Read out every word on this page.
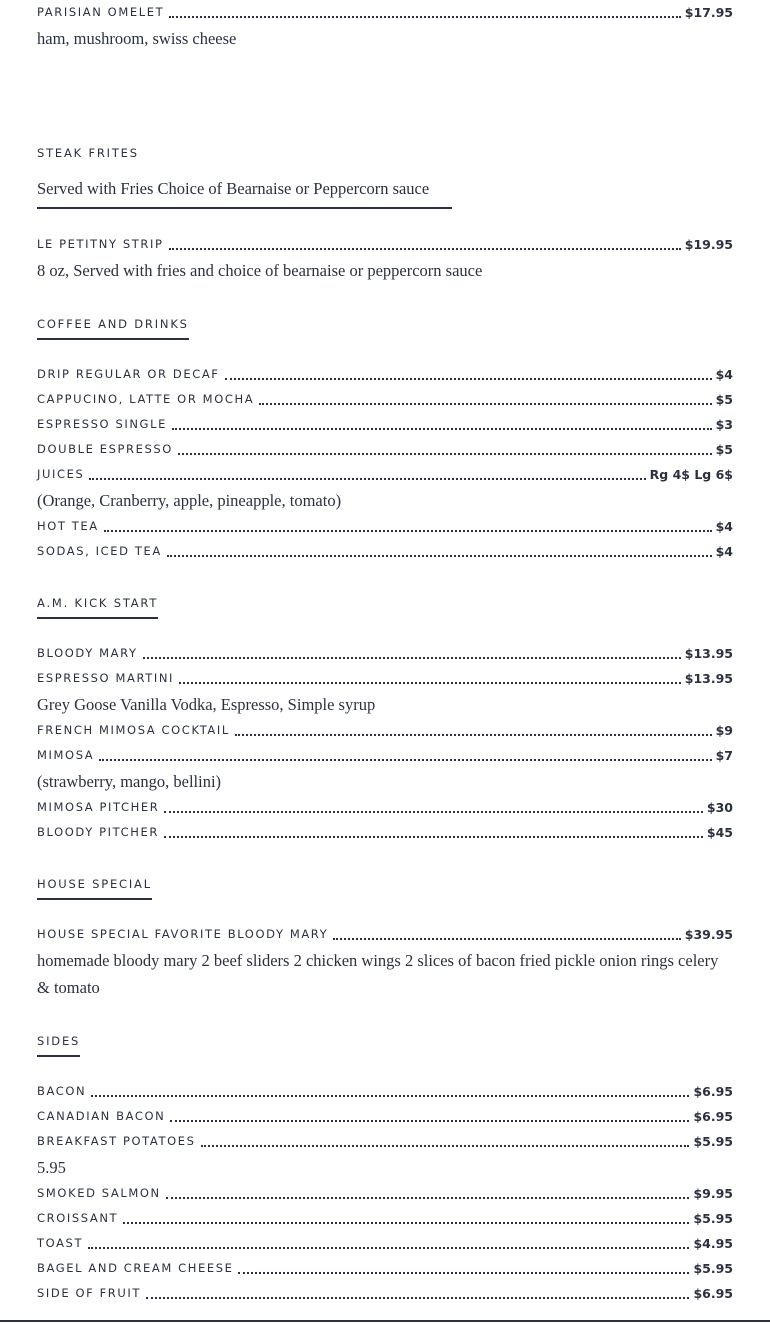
PARISIAN OMELET	$17.95
ham, mushroom, swiss cheese
STEAK FRITES
Served with Fries Choice of Bearnaise or Peppercorn sauce
LE PETITNY STRIP	$19.95
8 oz, Served with fries and choice of bearnaise or peppercorn sauce
COFFEE AND DRINKS
DRIP REGULAR OR DECAF	$4
CAPPUCINO, LATTE OR MOCHA	$5
ESPRESSO SINGLE	$3
DOUBLE ESPRESSO	$5
JUICES	Rg 4$ Lg 6$
(Orange, Cranberry, apple, pineapple, tomato)
HOT TEA	$4
SODAS, ICED TEA	$4
A.M. KICK START
BLOODY MARY	$13.95
ESPRESSO MARTINI	$13.95
Grey Goose Vanilla Vodka, Espresso, Simple syrup
FRENCH MIMOSA COCKTAIL	$9
MIMOSA	$7
(strawberry, mango, bellini)
MIMOSA PITCHER	$30
BLOODY PITCHER	$45
HOUSE SPECIAL
HOUSE SPECIAL FAVORITE BLOODY MARY	$39.95
homemade bloody mary 2 beef sliders 2 chicken wings 2 slices of bacon fried pickle onion rings celery & tomato
SIDES
BACON	$6.95
CANADIAN BACON	$6.95
BREAKFAST POTATOES	$5.95
5.95
SMOKED SALMON	$9.95
CROISSANT	$5.95
TOAST	$4.95
BAGEL AND CREAM CHEESE	$5.95
SIDE OF FRUIT	$6.95
